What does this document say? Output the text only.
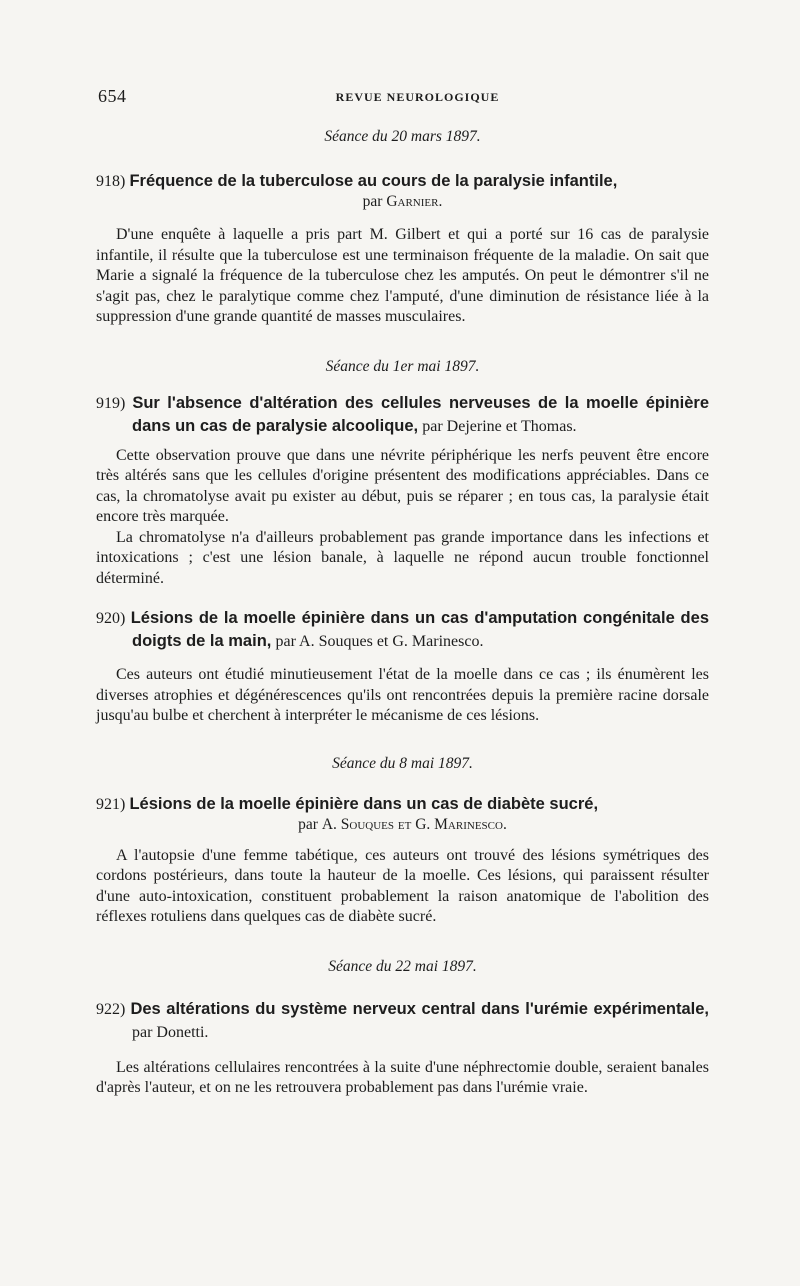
654	REVUE NEUROLOGIQUE

Séance du 20 mars 1897.

918) Fréquence de la tuberculose au cours de la paralysie infantile,

par Garnier.

D'une enquête à laquelle a pris part M. Gilbert et qui a porté sur 16 cas de paralysie infantile, il résulte que la tuberculose est une terminaison fréquente de la maladie. On sait que Marie a signalé la fréquence de la tuberculose chez les amputés. On peut le démontrer s'il ne s'agit pas, chez le paralytique comme chez l'amputé, d'une diminution de résistance liée à la suppression d'une grande quantité de masses musculaires.

Séance du 1er mai 1897.

919) Sur l'absence d'altération des cellules nerveuses de la moelle épinière dans un cas de paralysie alcoolique, par Dejerine et Thomas.

Cette observation prouve que dans une névrite périphérique les nerfs peuvent être encore très altérés sans que les cellules d'origine présentent des modifications appréciables. Dans ce cas, la chromatolyse avait pu exister au début, puis se réparer ; en tous cas, la paralysie était encore très marquée.

La chromatolyse n'a d'ailleurs probablement pas grande importance dans les infections et intoxications ; c'est une lésion banale, à laquelle ne répond aucun trouble fonctionnel déterminé.

920) Lésions de la moelle épinière dans un cas d'amputation congénitale des doigts de la main, par A. Souques et G. Marinesco.

Ces auteurs ont étudié minutieusement l'état de la moelle dans ce cas ; ils énumèrent les diverses atrophies et dégénérescences qu'ils ont rencontrées depuis la première racine dorsale jusqu'au bulbe et cherchent à interpréter le mécanisme de ces lésions.

Séance du 8 mai 1897.

921) Lésions de la moelle épinière dans un cas de diabète sucré,

par A. Souques et G. Marinesco.

A l'autopsie d'une femme tabétique, ces auteurs ont trouvé des lésions symétriques des cordons postérieurs, dans toute la hauteur de la moelle. Ces lésions, qui paraissent résulter d'une auto-intoxication, constituent probablement la raison anatomique de l'abolition des réflexes rotuliens dans quelques cas de diabète sucré.

Séance du 22 mai 1897.

922) Des altérations du système nerveux central dans l'urémie expérimentale, par Donetti.

Les altérations cellulaires rencontrées à la suite d'une néphrectomie double, seraient banales d'après l'auteur, et on ne les retrouvera probablement pas dans l'urémie vraie.
